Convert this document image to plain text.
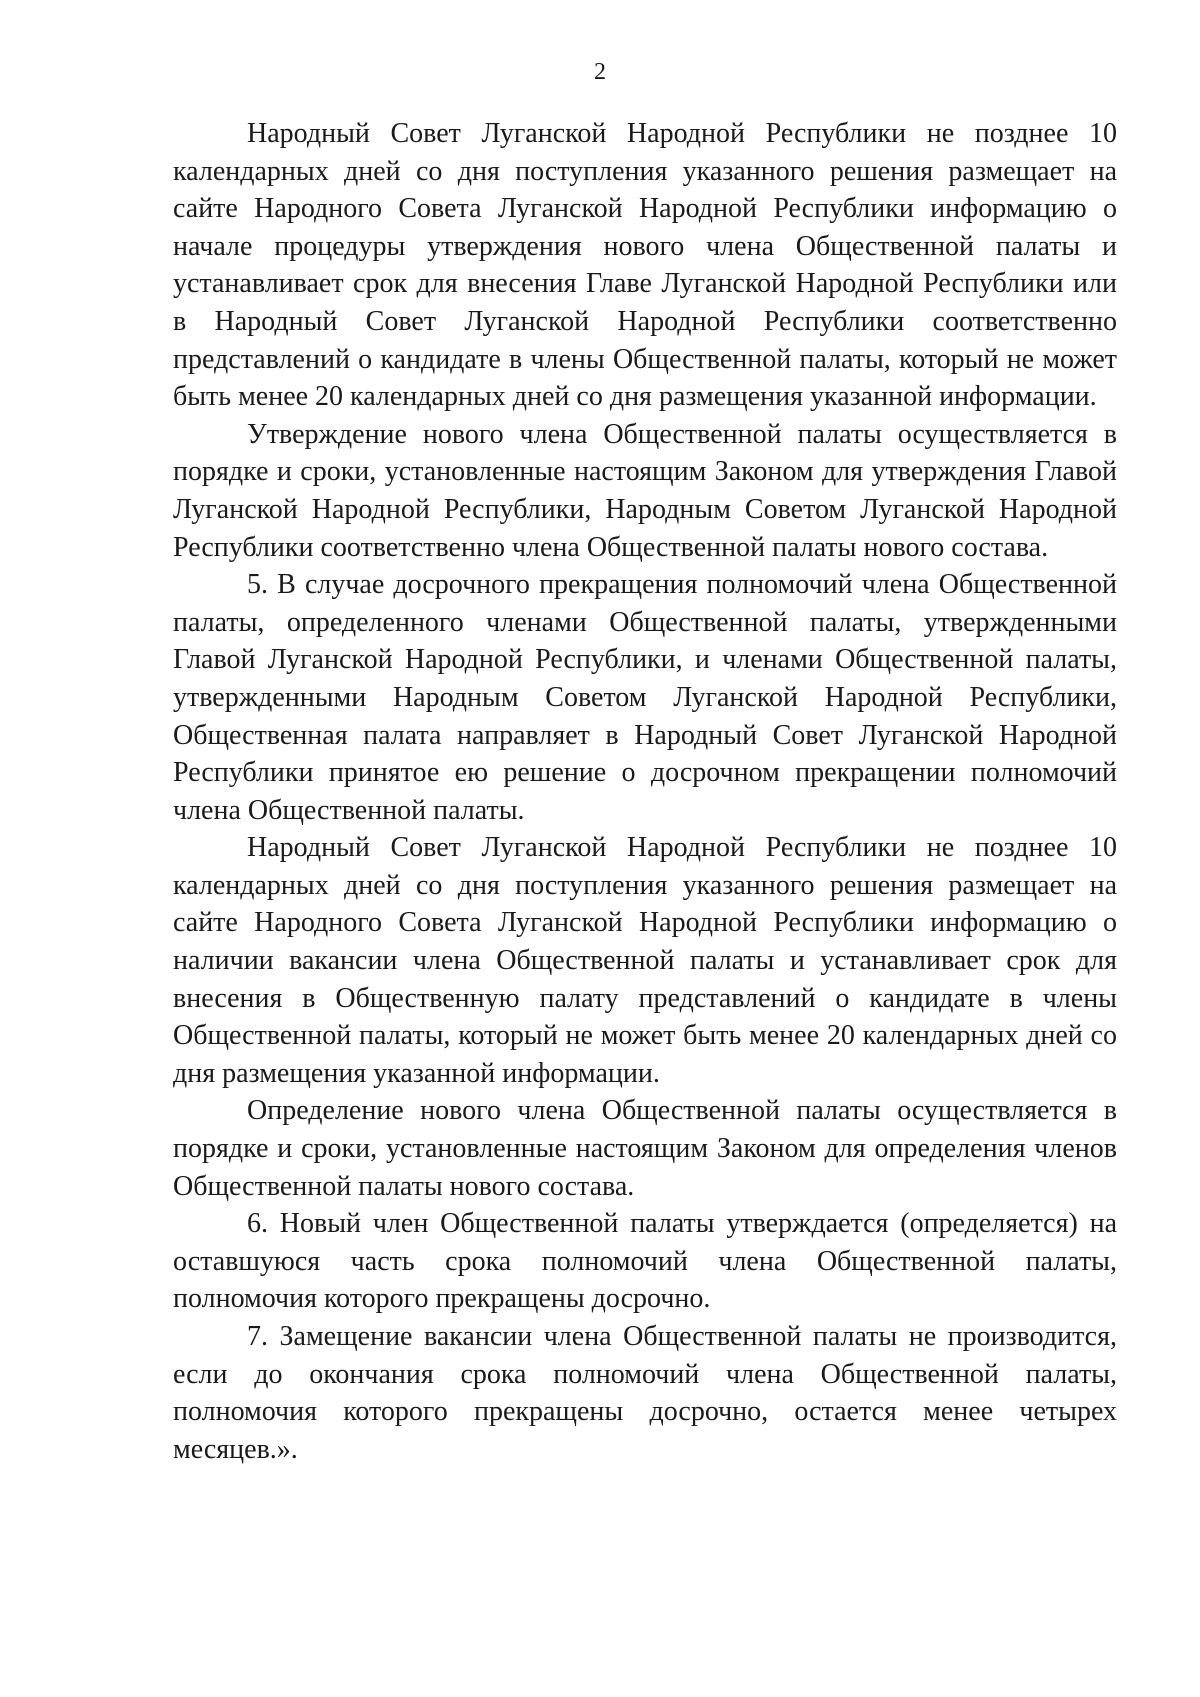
2

Народный Совет Луганской Народной Республики не позднее 10 календарных дней со дня поступления указанного решения размещает на сайте Народного Совета Луганской Народной Республики информацию о начале процедуры утверждения нового члена Общественной палаты и устанавливает срок для внесения Главе Луганской Народной Республики или в Народный Совет Луганской Народной Республики соответственно представлений о кандидате в члены Общественной палаты, который не может быть менее 20 календарных дней со дня размещения указанной информации.

Утверждение нового члена Общественной палаты осуществляется в порядке и сроки, установленные настоящим Законом для утверждения Главой Луганской Народной Республики, Народным Советом Луганской Народной Республики соответственно члена Общественной палаты нового состава.

5. В случае досрочного прекращения полномочий члена Общественной палаты, определенного членами Общественной палаты, утвержденными Главой Луганской Народной Республики, и членами Общественной палаты, утвержденными Народным Советом Луганской Народной Республики, Общественная палата направляет в Народный Совет Луганской Народной Республики принятое ею решение о досрочном прекращении полномочий члена Общественной палаты.

Народный Совет Луганской Народной Республики не позднее 10 календарных дней со дня поступления указанного решения размещает на сайте Народного Совета Луганской Народной Республики информацию о наличии вакансии члена Общественной палаты и устанавливает срок для внесения в Общественную палату представлений о кандидате в члены Общественной палаты, который не может быть менее 20 календарных дней со дня размещения указанной информации.

Определение нового члена Общественной палаты осуществляется в порядке и сроки, установленные настоящим Законом для определения членов Общественной палаты нового состава.

6. Новый член Общественной палаты утверждается (определяется) на оставшуюся часть срока полномочий члена Общественной палаты, полномочия которого прекращены досрочно.

7. Замещение вакансии члена Общественной палаты не производится, если до окончания срока полномочий члена Общественной палаты, полномочия которого прекращены досрочно, остается менее четырех месяцев.».
